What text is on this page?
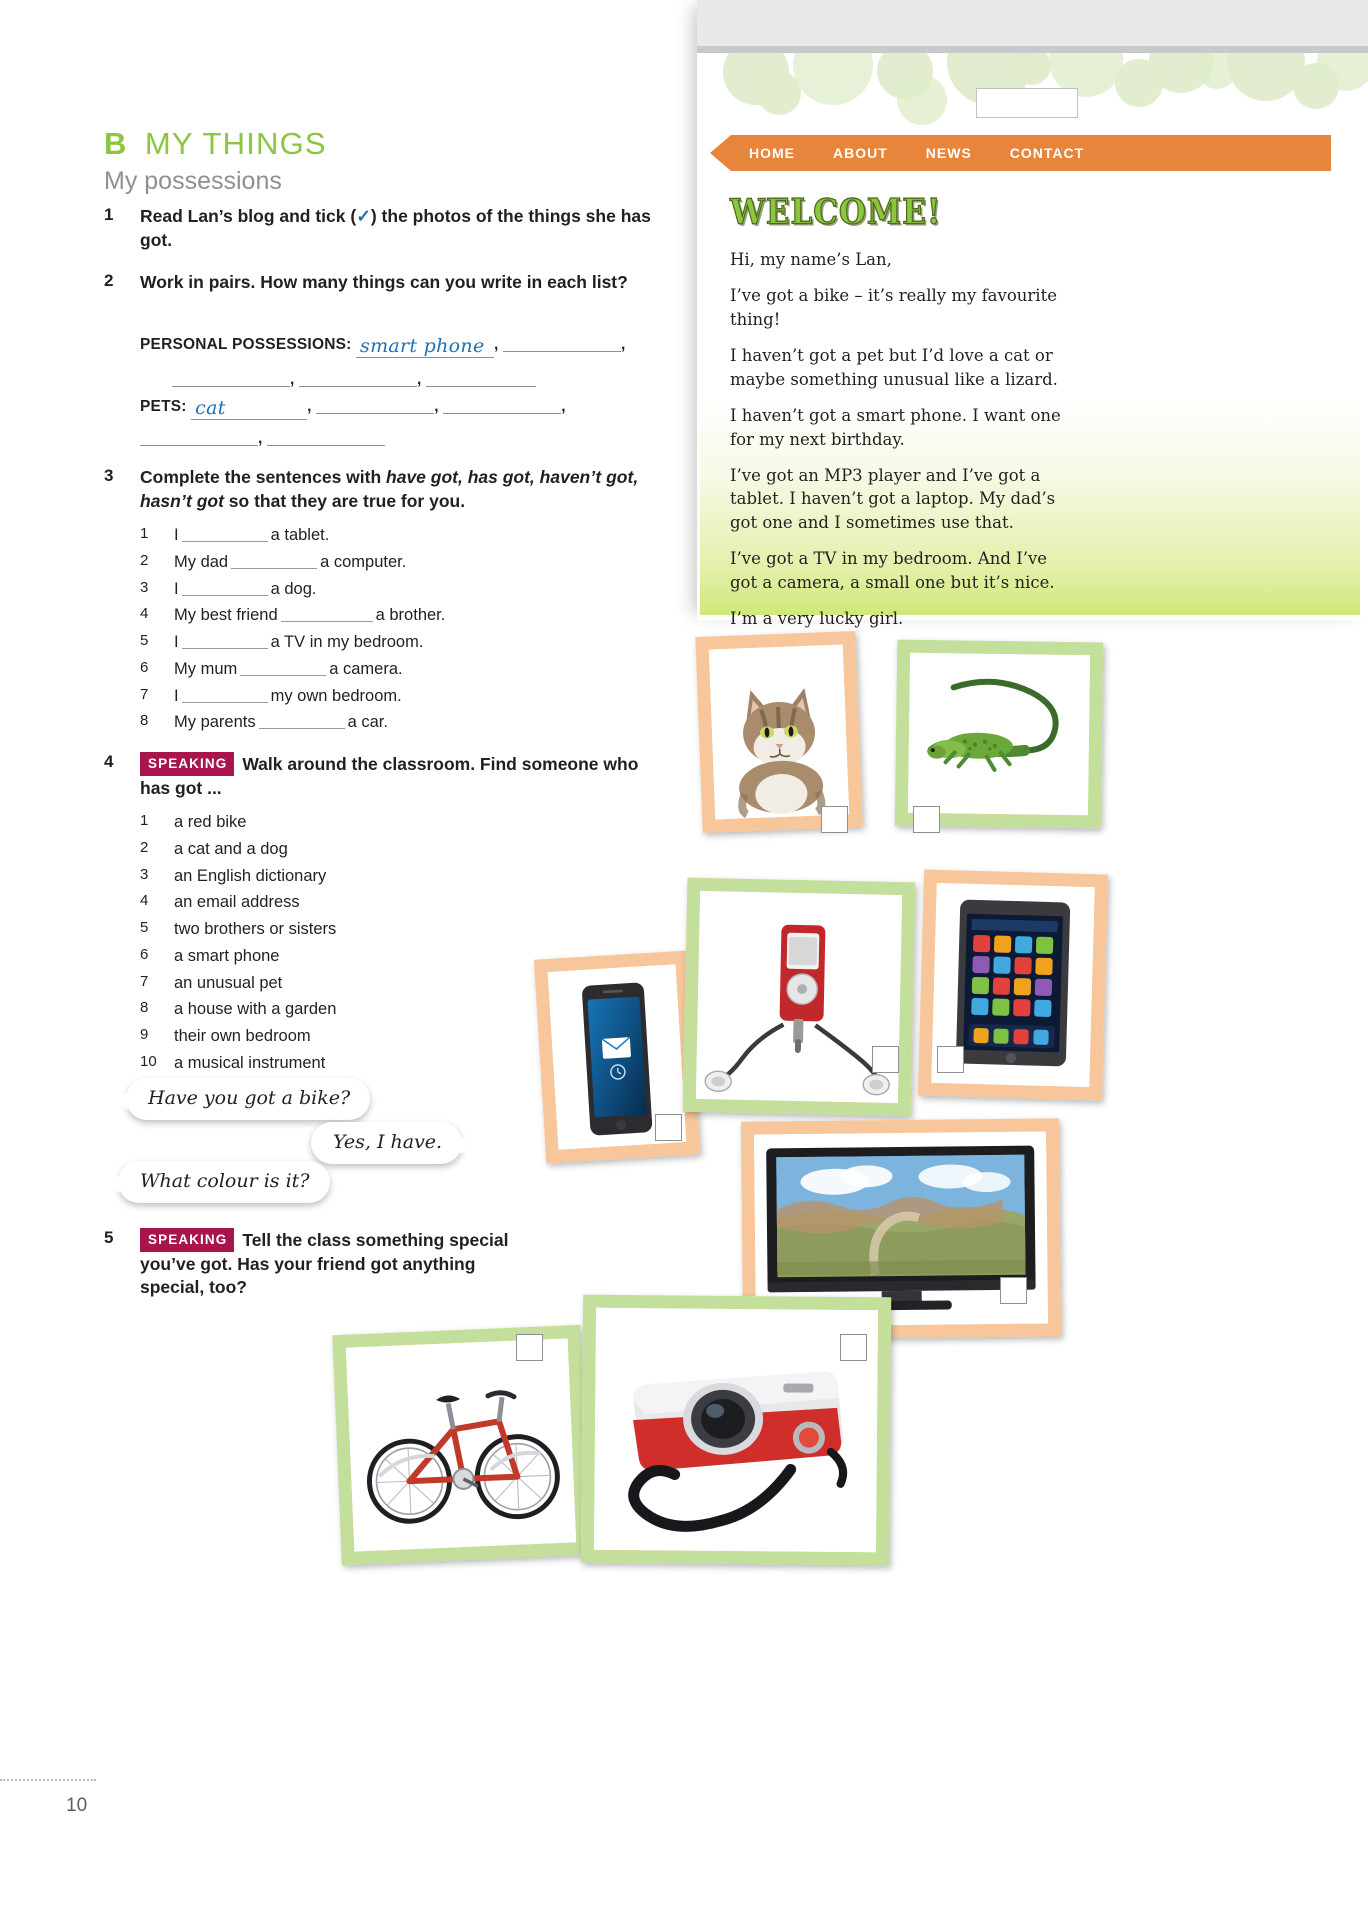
B MY THINGS
My possessions
1	Read Lan’s blog and tick (✓) the photos of the things she has got.
2	Work in pairs. How many things can you write in each list?
PERSONAL POSSESSIONS: smart phone ,	,
,	,
PETS: cat	,	,	,
,
3	Complete the sentences with have got, has got, haven’t got, hasn’t got so that they are true for you.
1	I	a tablet.
2	My dad	a computer.
3	I	a dog.
4	My best friend	a brother.
5	I	a TV in my bedroom.
6	My mum	a camera.
7	I	my own bedroom.
8	My parents	a car.
4	SPEAKING Walk around the classroom. Find someone who has got ...
1	a red bike
2	a cat and a dog
3	an English dictionary
4	an email address
5	two brothers or sisters
6	a smart phone
7	an unusual pet
8	a house with a garden
9	their own bedroom
10	a musical instrument
Have you got a bike?
Yes, I have.
What colour is it?
5	SPEAKING Tell the class something special you’ve got. Has your friend got anything special, too?
10
HOME	ABOUT	NEWS	CONTACT
WELCOME!

Hi, my name’s Lan,

I’ve got a bike – it’s really my favourite thing!

I haven’t got a pet but I’d love a cat or maybe something unusual like a lizard.

I haven’t got a smart phone. I want one for my next birthday.

I’ve got an MP3 player and I’ve got a tablet. I haven’t got a laptop. My dad’s got one and I sometimes use that.

I’ve got a TV in my bedroom. And I’ve got a camera, a small one but it’s nice.

I’m a very lucky girl.
